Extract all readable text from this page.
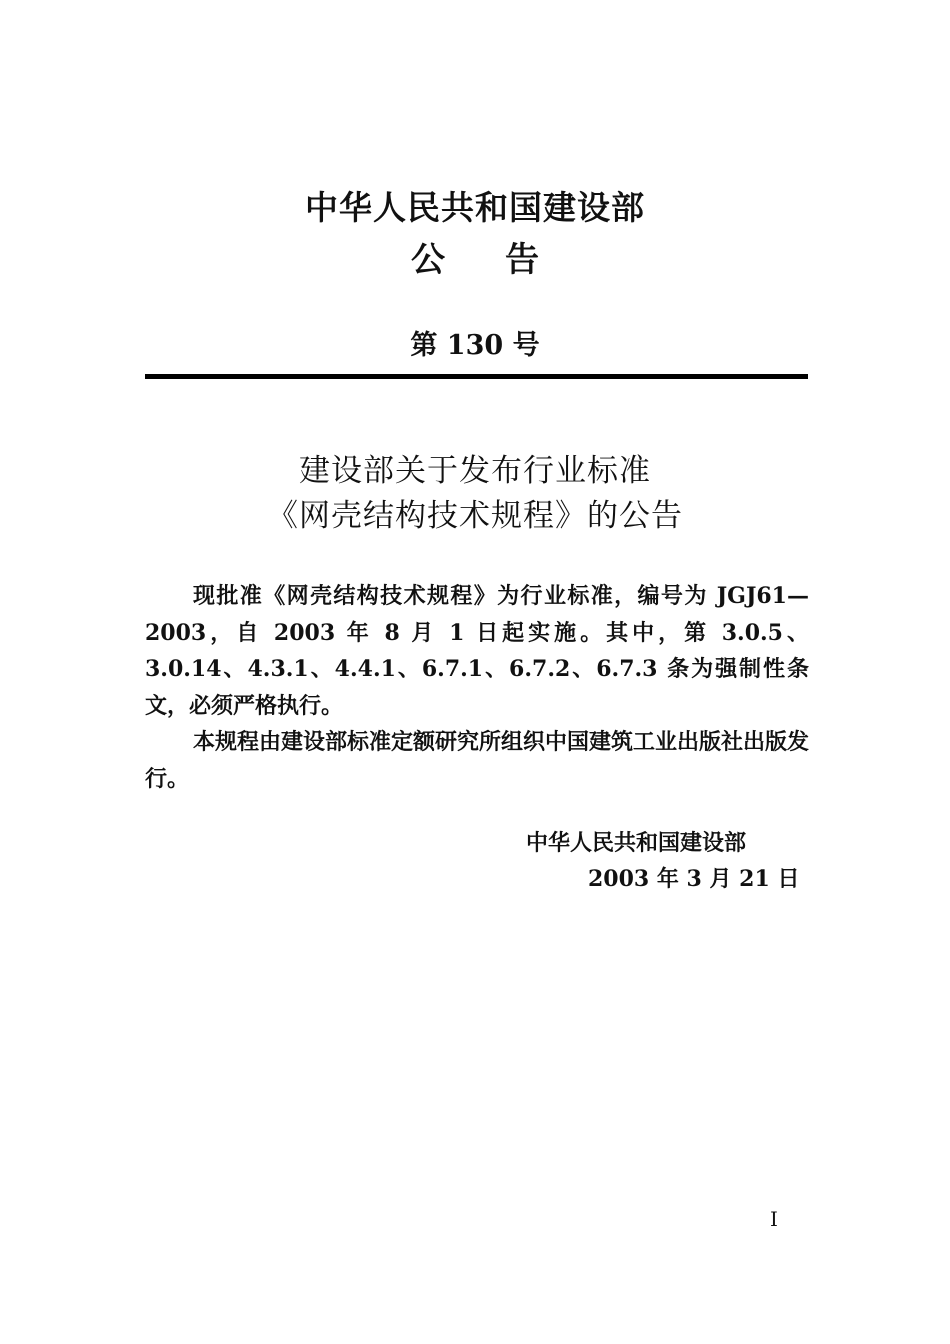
中华人民共和国建设部
公告
第 130 号
建设部关于发布行业标准
《网壳结构技术规程》的公告

现批准《网壳结构技术规程》为行业标准，编号为 JGJ61—2003，自 2003 年 8 月 1 日起实施。其中，第 3.0.5、3.0.14、4.3.1、4.4.1、6.7.1、6.7.2、6.7.3 条为强制性条文，必须严格执行。

本规程由建设部标准定额研究所组织中国建筑工业出版社出版发行。

中华人民共和国建设部
2003 年 3 月 21 日
I
